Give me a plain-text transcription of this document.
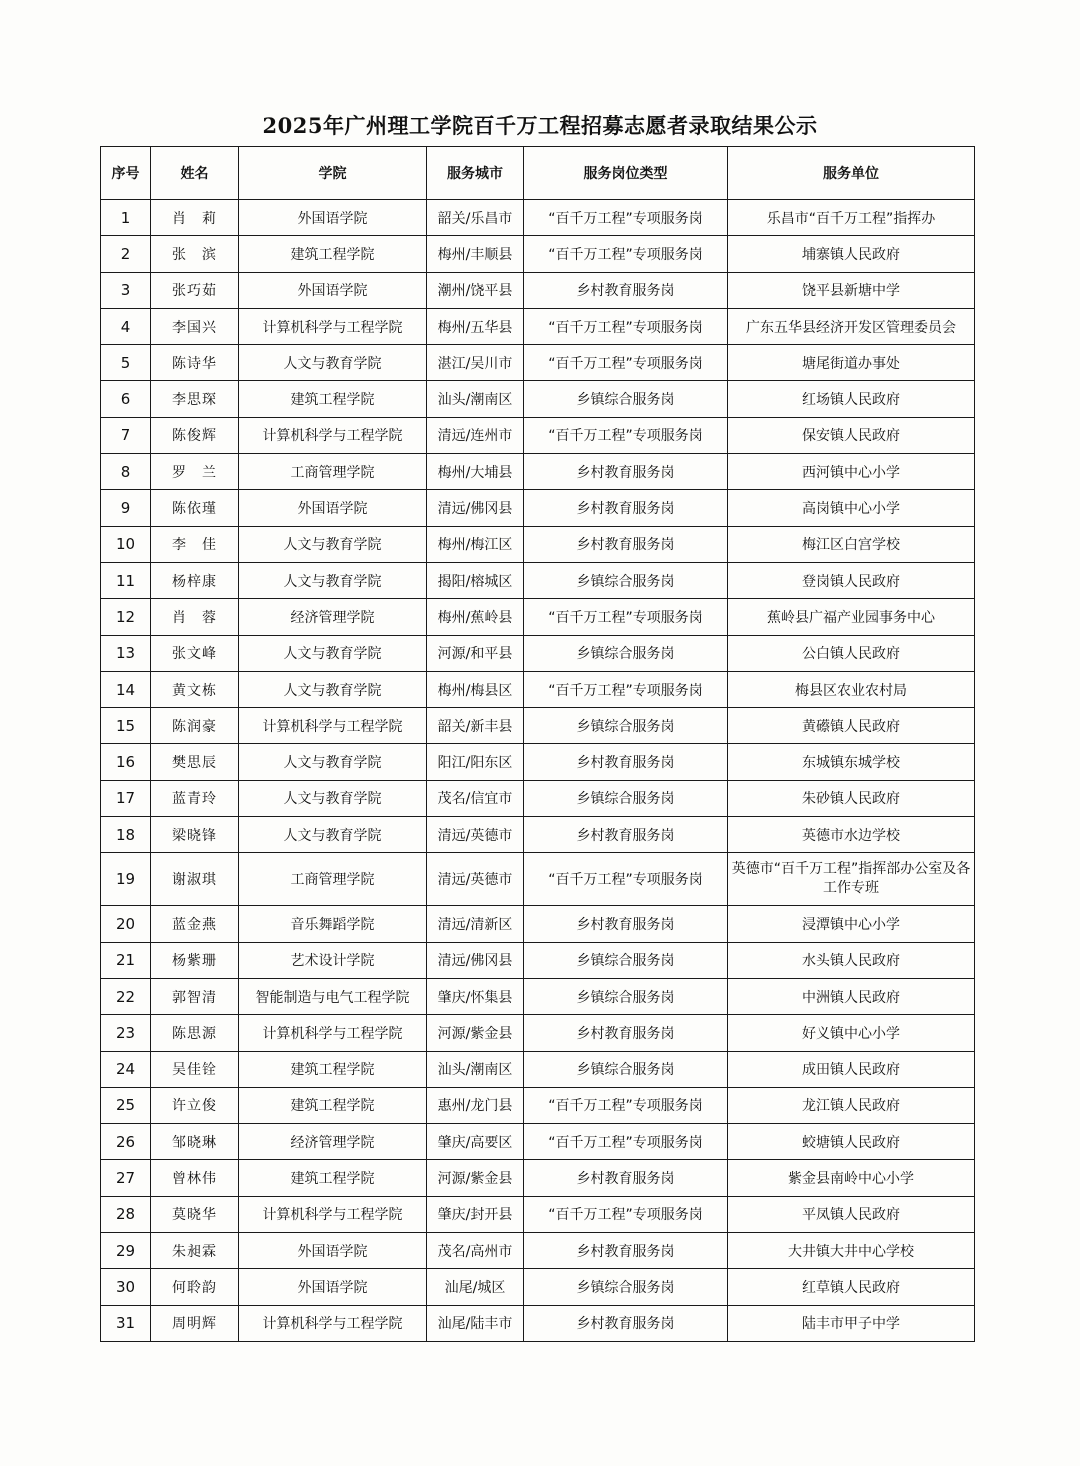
2025年广州理工学院百千万工程招募志愿者录取结果公示
序号	姓名	学院	服务城市	服务岗位类型	服务单位
1	肖　莉	外国语学院	韶关/乐昌市	“百千万工程”专项服务岗	乐昌市“百千万工程”指挥办
2	张　滨	建筑工程学院	梅州/丰顺县	“百千万工程”专项服务岗	埔寨镇人民政府
3	张巧茹	外国语学院	潮州/饶平县	乡村教育服务岗	饶平县新塘中学
4	李国兴	计算机科学与工程学院	梅州/五华县	“百千万工程”专项服务岗	广东五华县经济开发区管理委员会
5	陈诗华	人文与教育学院	湛江/吴川市	“百千万工程”专项服务岗	塘尾街道办事处
6	李思琛	建筑工程学院	汕头/潮南区	乡镇综合服务岗	红场镇人民政府
7	陈俊辉	计算机科学与工程学院	清远/连州市	“百千万工程”专项服务岗	保安镇人民政府
8	罗　兰	工商管理学院	梅州/大埔县	乡村教育服务岗	西河镇中心小学
9	陈依瑾	外国语学院	清远/佛冈县	乡村教育服务岗	高岗镇中心小学
10	李　佳	人文与教育学院	梅州/梅江区	乡村教育服务岗	梅江区白宫学校
11	杨梓康	人文与教育学院	揭阳/榕城区	乡镇综合服务岗	登岗镇人民政府
12	肖　蓉	经济管理学院	梅州/蕉岭县	“百千万工程”专项服务岗	蕉岭县广福产业园事务中心
13	张文峰	人文与教育学院	河源/和平县	乡镇综合服务岗	公白镇人民政府
14	黄文栋	人文与教育学院	梅州/梅县区	“百千万工程”专项服务岗	梅县区农业农村局
15	陈润豪	计算机科学与工程学院	韶关/新丰县	乡镇综合服务岗	黄礤镇人民政府
16	樊思辰	人文与教育学院	阳江/阳东区	乡村教育服务岗	东城镇东城学校
17	蓝青玲	人文与教育学院	茂名/信宜市	乡镇综合服务岗	朱砂镇人民政府
18	梁晓锋	人文与教育学院	清远/英德市	乡村教育服务岗	英德市水边学校
19	谢淑琪	工商管理学院	清远/英德市	“百千万工程”专项服务岗	英德市“百千万工程”指挥部办公室及各工作专班
20	蓝金燕	音乐舞蹈学院	清远/清新区	乡村教育服务岗	浸潭镇中心小学
21	杨紫珊	艺术设计学院	清远/佛冈县	乡镇综合服务岗	水头镇人民政府
22	郭智清	智能制造与电气工程学院	肇庆/怀集县	乡镇综合服务岗	中洲镇人民政府
23	陈思源	计算机科学与工程学院	河源/紫金县	乡村教育服务岗	好义镇中心小学
24	吴佳铨	建筑工程学院	汕头/潮南区	乡镇综合服务岗	成田镇人民政府
25	许立俊	建筑工程学院	惠州/龙门县	“百千万工程”专项服务岗	龙江镇人民政府
26	邹晓琳	经济管理学院	肇庆/高要区	“百千万工程”专项服务岗	蛟塘镇人民政府
27	曾林伟	建筑工程学院	河源/紫金县	乡村教育服务岗	紫金县南岭中心小学
28	莫晓华	计算机科学与工程学院	肇庆/封开县	“百千万工程”专项服务岗	平凤镇人民政府
29	朱昶霖	外国语学院	茂名/高州市	乡村教育服务岗	大井镇大井中心学校
30	何聆韵	外国语学院	汕尾/城区	乡镇综合服务岗	红草镇人民政府
31	周明辉	计算机科学与工程学院	汕尾/陆丰市	乡村教育服务岗	陆丰市甲子中学
